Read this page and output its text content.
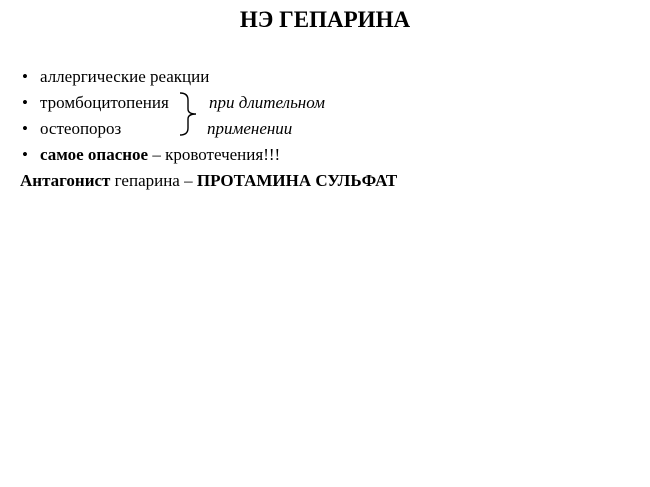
НЭ ГЕПАРИНА
• аллергические реакции
• тромбоцитопения
• остеопороз
• самое опасное – кровотечения!!!
при длительном
применении

Антагонист гепарина – ПРОТАМИНА СУЛЬФАТ
